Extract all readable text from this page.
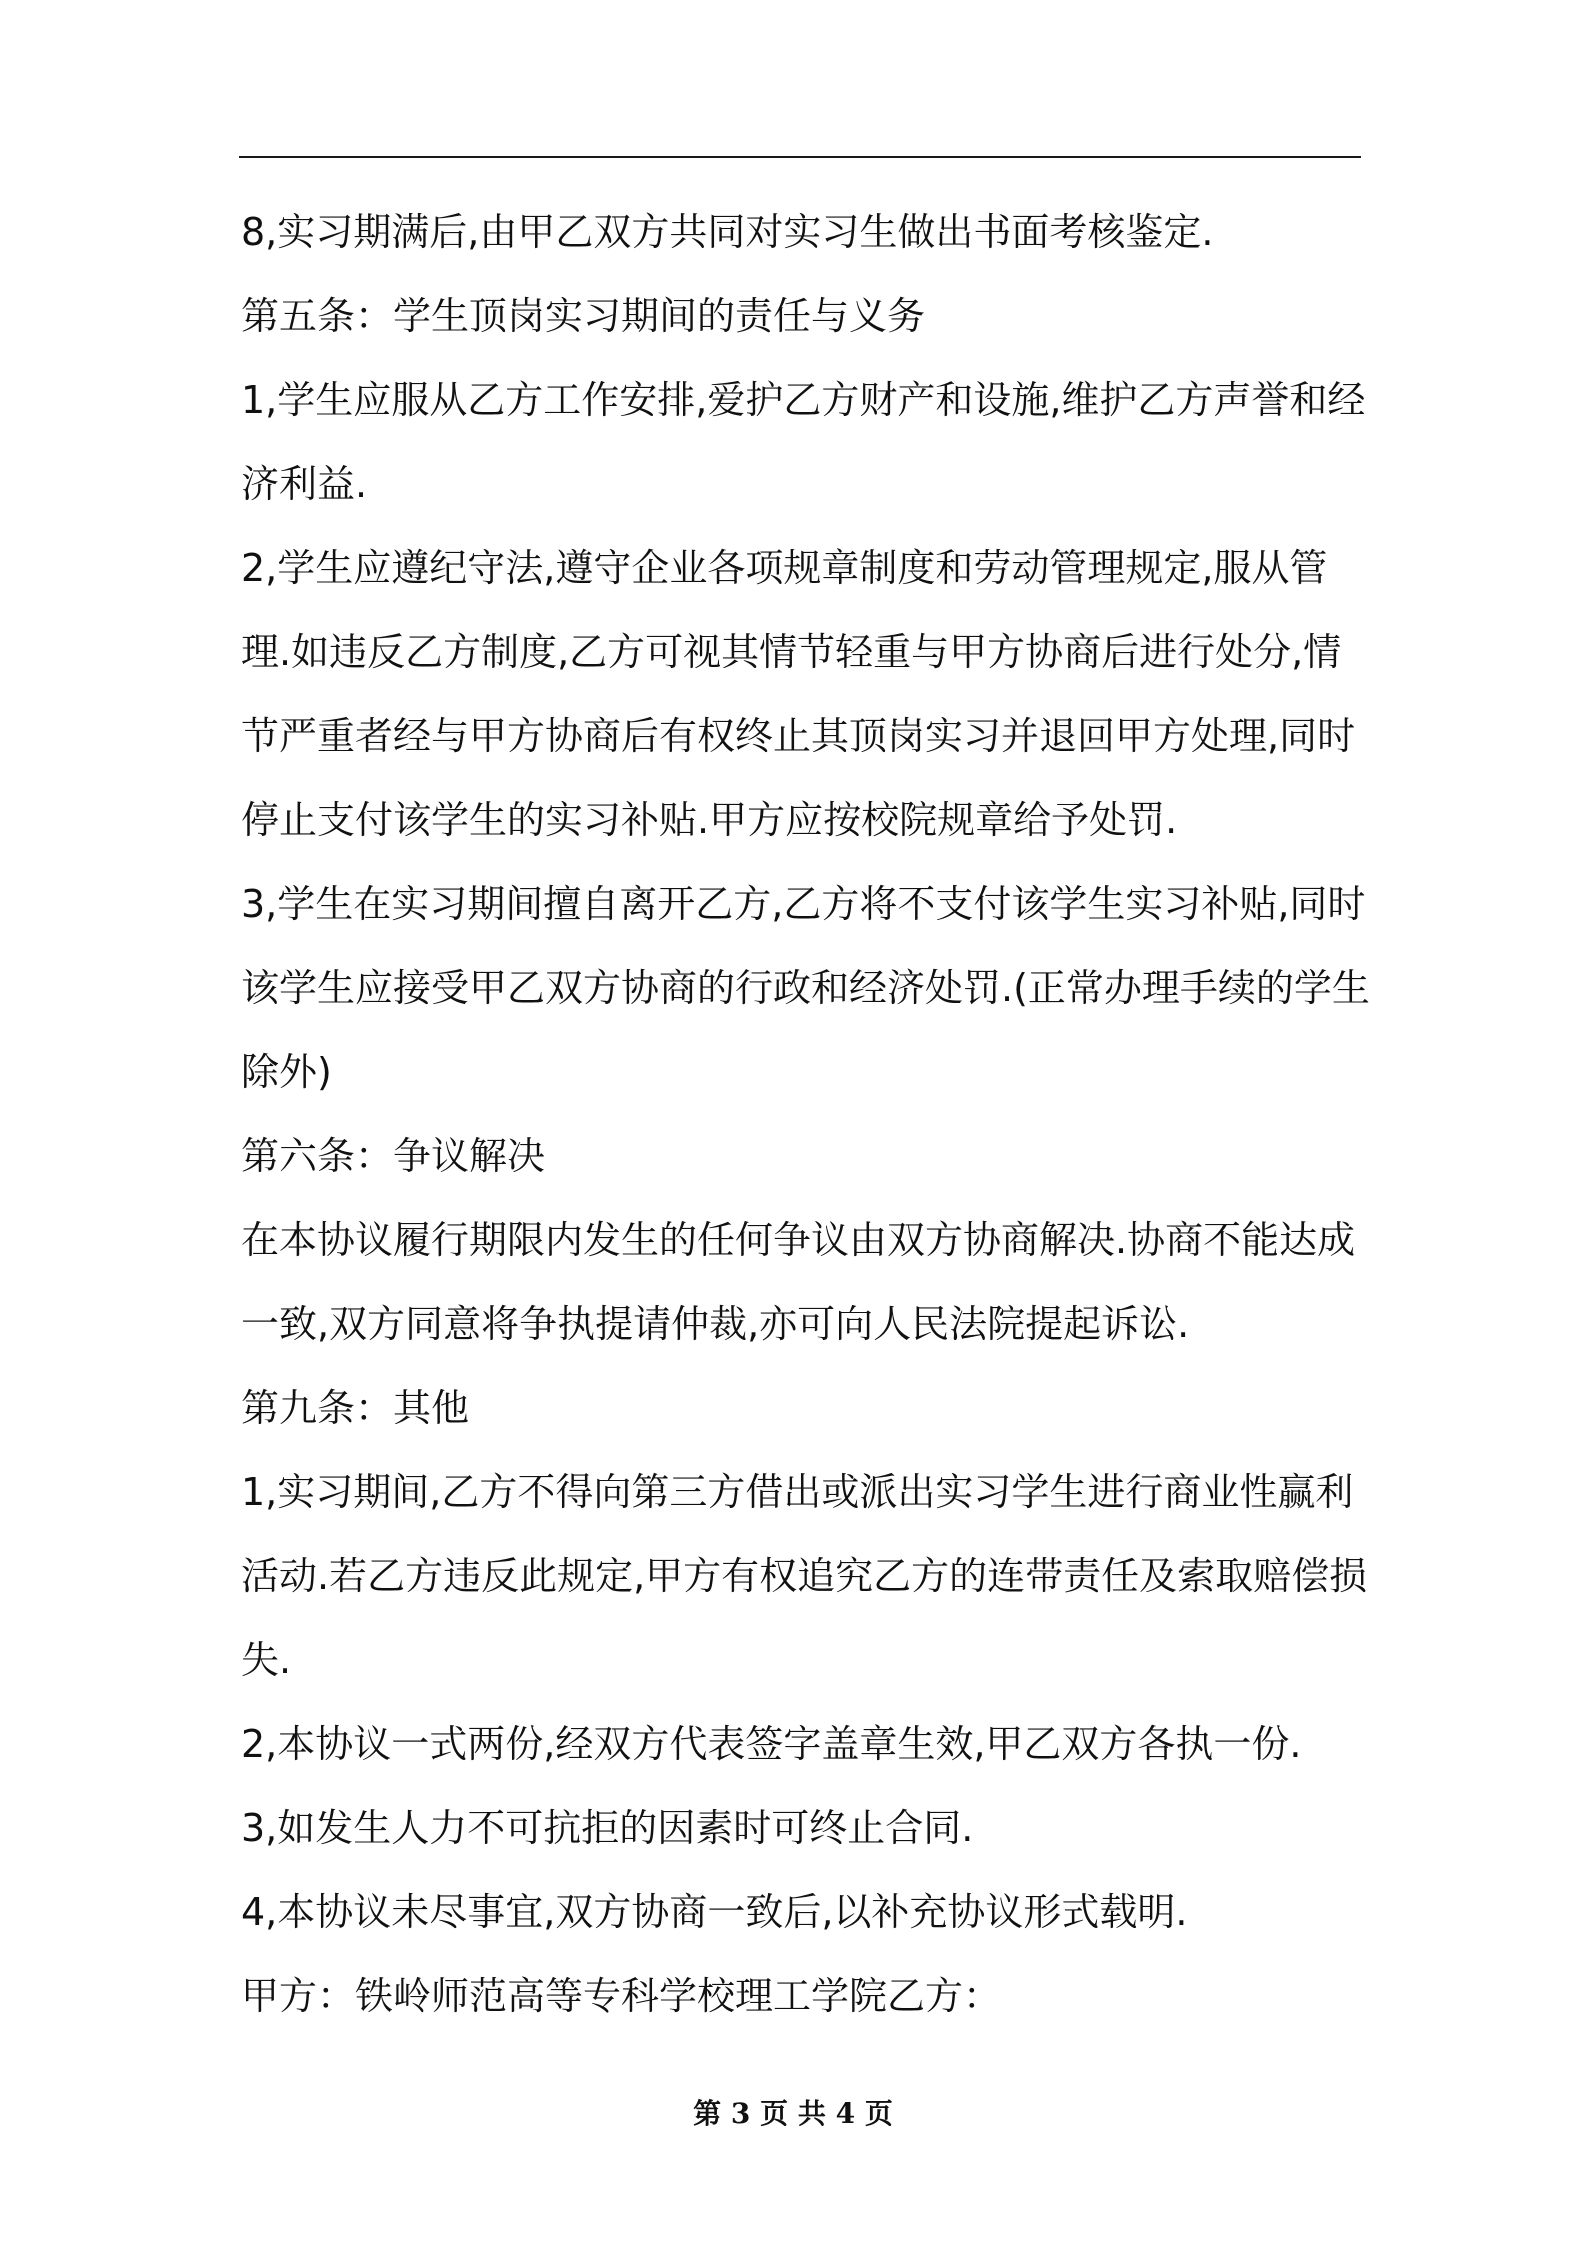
8,实习期满后,由甲乙双方共同对实习生做出书面考核鉴定.
第五条：学生顶岗实习期间的责任与义务
1,学生应服从乙方工作安排,爱护乙方财产和设施,维护乙方声誉和经
济利益.
2,学生应遵纪守法,遵守企业各项规章制度和劳动管理规定,服从管
理.如违反乙方制度,乙方可视其情节轻重与甲方协商后进行处分,情
节严重者经与甲方协商后有权终止其顶岗实习并退回甲方处理,同时
停止支付该学生的实习补贴.甲方应按校院规章给予处罚.
3,学生在实习期间擅自离开乙方,乙方将不支付该学生实习补贴,同时
该学生应接受甲乙双方协商的行政和经济处罚.(正常办理手续的学生
除外)
第六条：争议解决
在本协议履行期限内发生的任何争议由双方协商解决.协商不能达成
一致,双方同意将争执提请仲裁,亦可向人民法院提起诉讼.
第九条：其他
1,实习期间,乙方不得向第三方借出或派出实习学生进行商业性赢利
活动.若乙方违反此规定,甲方有权追究乙方的连带责任及索取赔偿损
失.
2,本协议一式两份,经双方代表签字盖章生效,甲乙双方各执一份.
3,如发生人力不可抗拒的因素时可终止合同.
4,本协议未尽事宜,双方协商一致后,以补充协议形式载明.
甲方：铁岭师范高等专科学校理工学院乙方：
第 3 页 共 4 页
